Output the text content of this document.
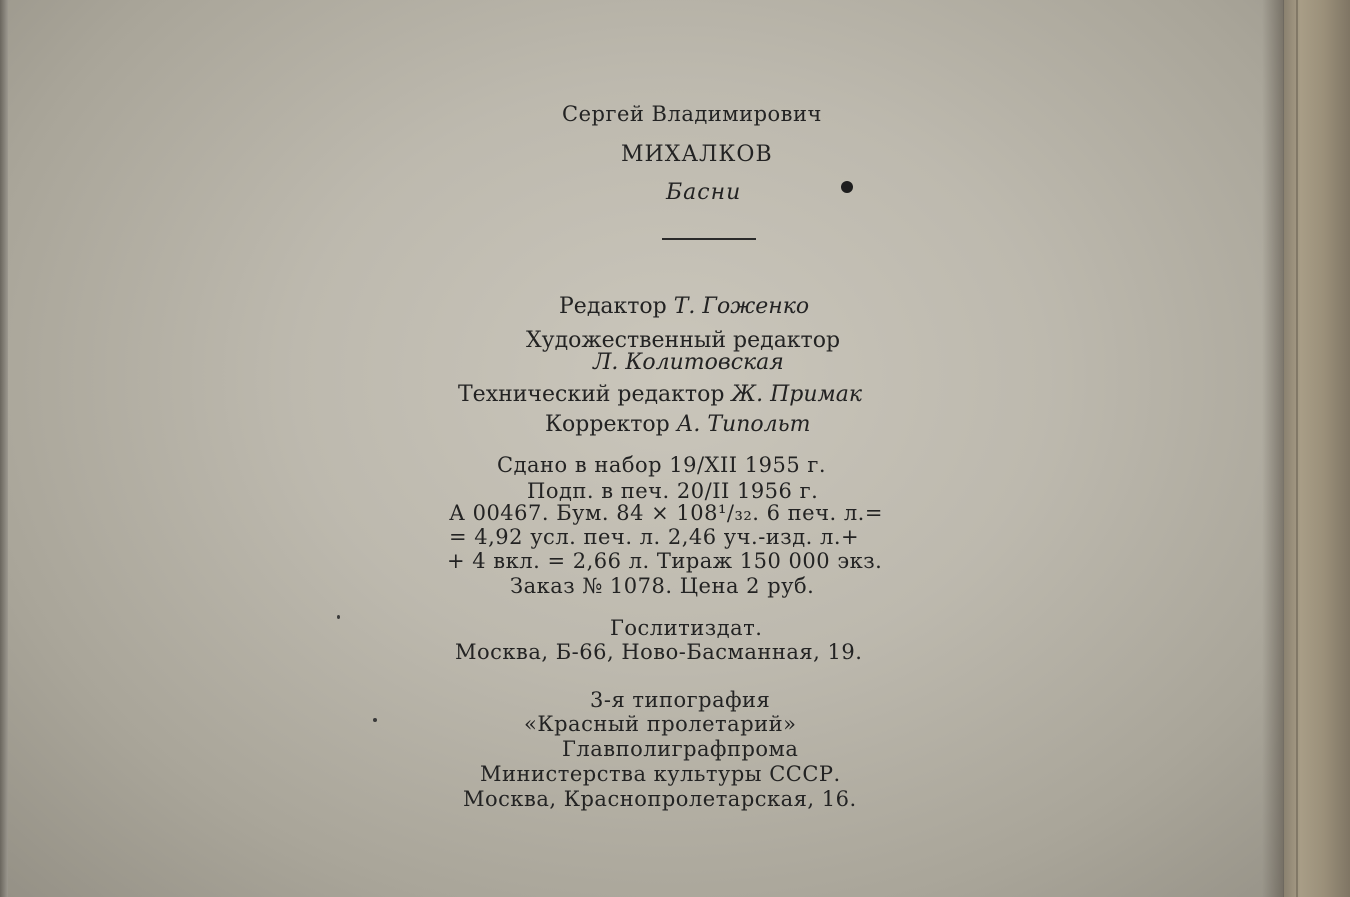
Сергей Владимирович
МИХАЛКОВ
Басни
Редактор Т. Гоженко
Художественный редактор
Л. Колитовская
Технический редактор Ж. Примак
Корректор А. Типольт
Сдано в набор 19/XII 1955 г.
Подп. в печ. 20/II 1956 г.
А 00467. Бум. 84 × 108¹/₃₂. 6 печ. л.=
= 4,92 усл. печ. л. 2,46 уч.-изд. л.+
+ 4 вкл. = 2,66 л. Тираж 150 000 экз.
Заказ № 1078. Цена 2 руб.
Гослитиздат.
Москва, Б-66, Ново-Басманная, 19.
3-я типография
«Красный пролетарий»
Главполиграфпрома
Министерства культуры СССР.
Москва, Краснопролетарская, 16.
